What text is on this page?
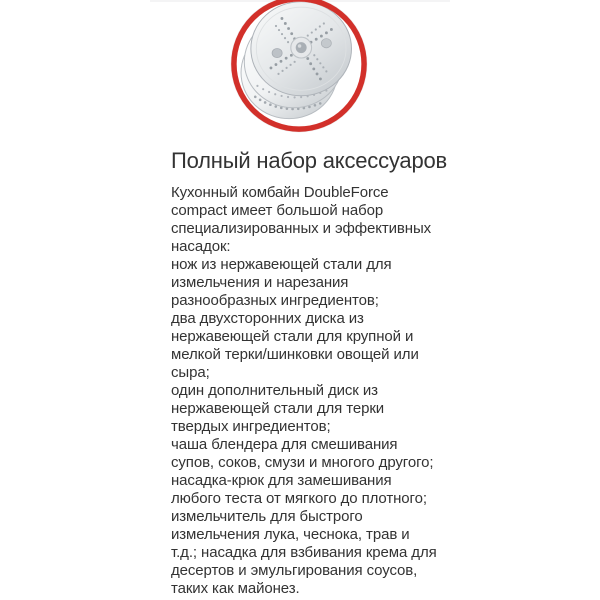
Полный набор аксессуаров
Кухонный комбайн DoubleForce
compact имеет большой набор
специализированных и эффективных
насадок:
нож из нержавеющей стали для
измельчения и нарезания
разнообразных ингредиентов;
два двухсторонних диска из
нержавеющей стали для крупной и
мелкой терки/шинковки овощей или
сыра;
один дополнительный диск из
нержавеющей стали для терки
твердых ингредиентов;
чаша блендера для смешивания
супов, соков, смузи и многого другого;
насадка-крюк для замешивания
любого теста от мягкого до плотного;
измельчитель для быстрого
измельчения лука, чеснока, трав и
т.д.; насадка для взбивания крема для
десертов и эмульгирования соусов,
таких как майонез.
